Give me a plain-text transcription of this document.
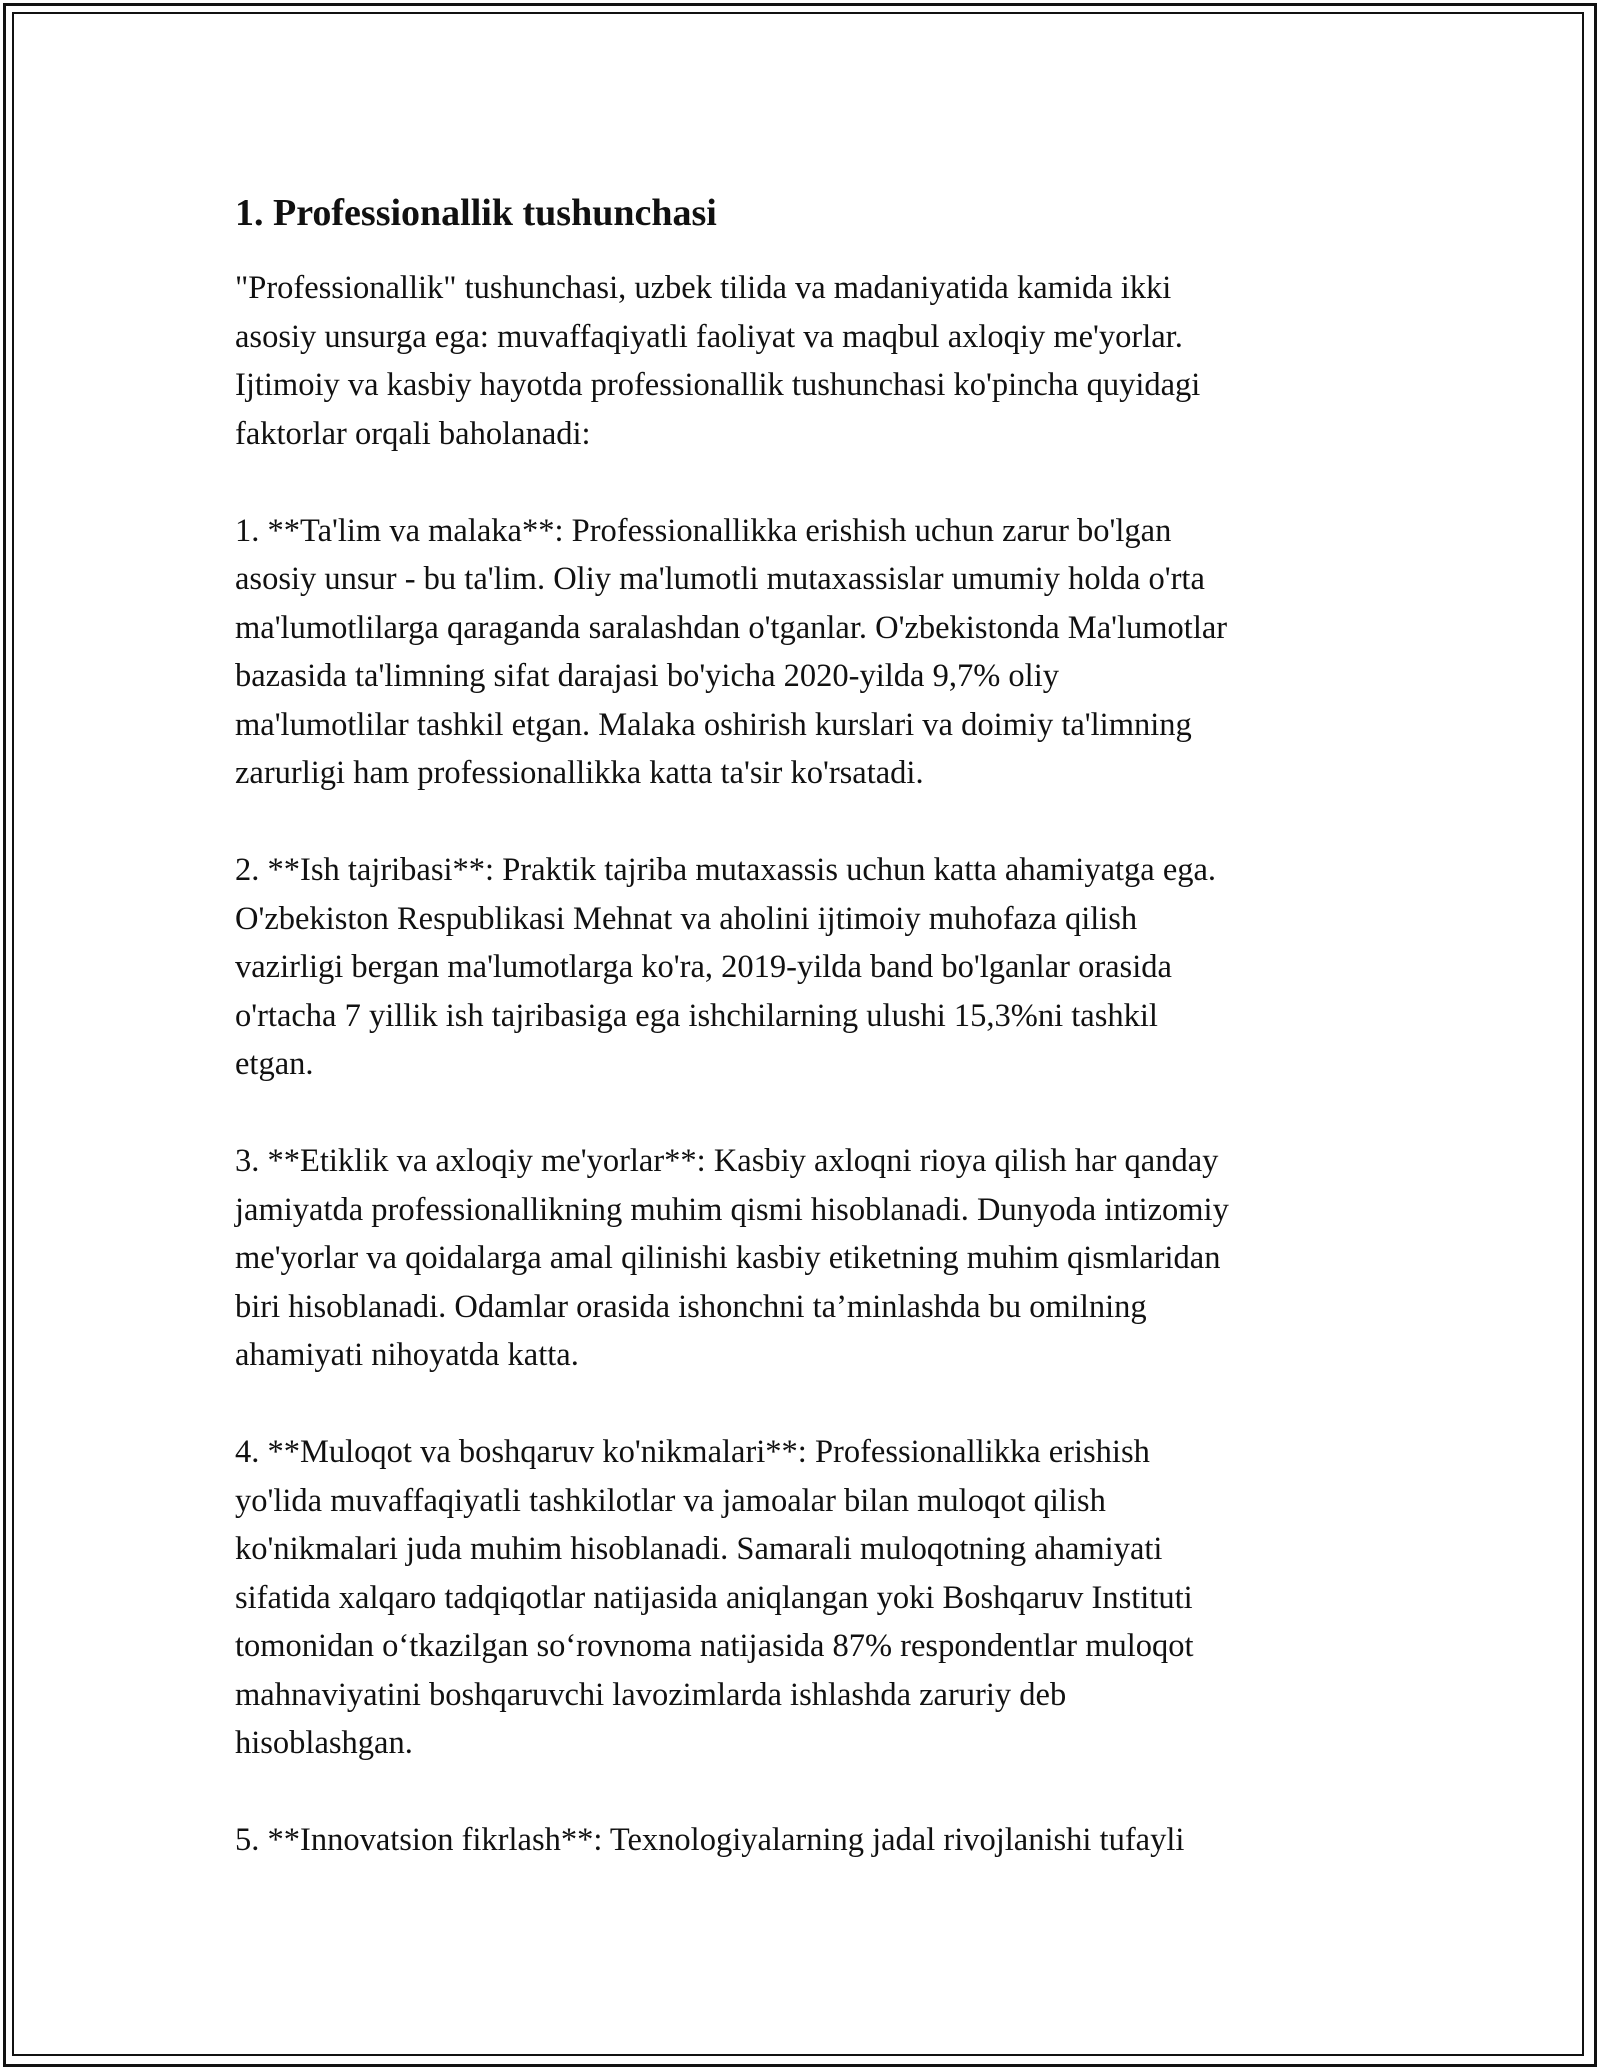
1. Professionallik tushunchasi

"Professionallik" tushunchasi, uzbek tilida va madaniyatida kamida ikki
asosiy unsurga ega: muvaffaqiyatli faoliyat va maqbul axloqiy me'yorlar.
Ijtimoiy va kasbiy hayotda professionallik tushunchasi ko'pincha quyidagi
faktorlar orqali baholanadi:

1. **Ta'lim va malaka**: Professionallikka erishish uchun zarur bo'lgan
asosiy unsur - bu ta'lim. Oliy ma'lumotli mutaxassislar umumiy holda o'rta
ma'lumotlilarga qaraganda saralashdan o'tganlar. O'zbekistonda Ma'lumotlar
bazasida ta'limning sifat darajasi bo'yicha 2020-yilda 9,7% oliy
ma'lumotlilar tashkil etgan. Malaka oshirish kurslari va doimiy ta'limning
zarurligi ham professionallikka katta ta'sir ko'rsatadi.

2. **Ish tajribasi**: Praktik tajriba mutaxassis uchun katta ahamiyatga ega.
O'zbekiston Respublikasi Mehnat va aholini ijtimoiy muhofaza qilish
vazirligi bergan ma'lumotlarga ko'ra, 2019-yilda band bo'lganlar orasida
o'rtacha 7 yillik ish tajribasiga ega ishchilarning ulushi 15,3%ni tashkil
etgan.

3. **Etiklik va axloqiy me'yorlar**: Kasbiy axloqni rioya qilish har qanday
jamiyatda professionallikning muhim qismi hisoblanadi. Dunyoda intizomiy
me'yorlar va qoidalarga amal qilinishi kasbiy etiketning muhim qismlaridan
biri hisoblanadi. Odamlar orasida ishonchni ta’minlashda bu omilning
ahamiyati nihoyatda katta.

4. **Muloqot va boshqaruv ko'nikmalari**: Professionallikka erishish
yo'lida muvaffaqiyatli tashkilotlar va jamoalar bilan muloqot qilish
ko'nikmalari juda muhim hisoblanadi. Samarali muloqotning ahamiyati
sifatida xalqaro tadqiqotlar natijasida aniqlangan yoki Boshqaruv Instituti
tomonidan o‘tkazilgan so‘rovnoma natijasida 87% respondentlar muloqot
mahnaviyatini boshqaruvchi lavozimlarda ishlashda zaruriy deb
hisoblashgan.

5. **Innovatsion fikrlash**: Texnologiyalarning jadal rivojlanishi tufayli
